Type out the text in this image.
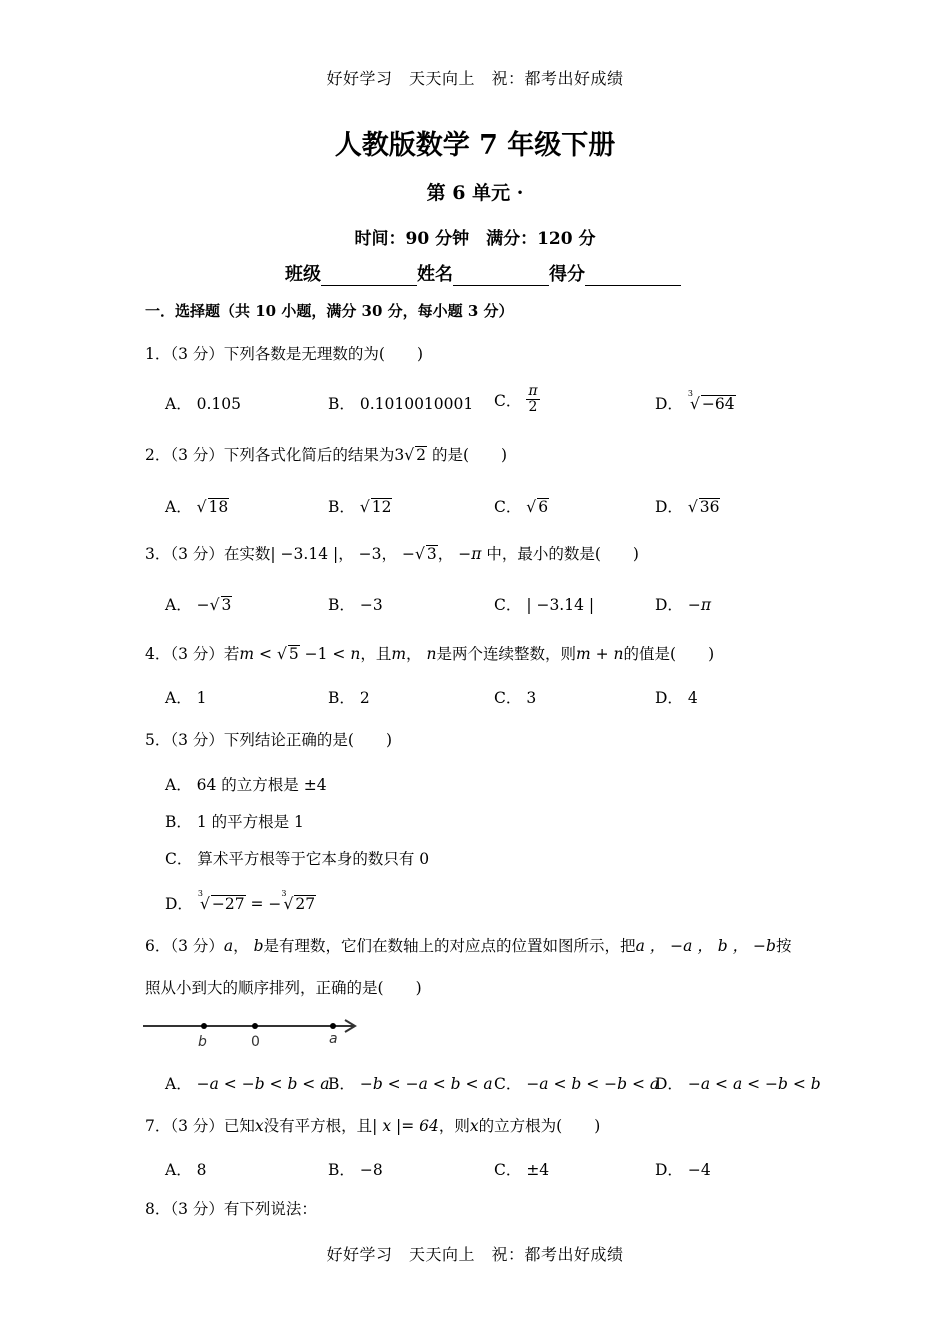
好好学习　天天向上　祝：都考出好成绩
人教版数学 7 年级下册
第 6 单元 ·
时间：90 分钟　满分：120 分
班级	姓名	得分
一．选择题（共 10 小题，满分 30 分，每小题 3 分）
1．（3 分）下列各数是无理数的为( )
A． 0.105	B． 0.1010010001 C． $\frac{\pi}{2}$	D． $^3$√ −64
2．（3 分）下列各式化简后的结果为3√ 2 的是( )
A． √ 18	B． √ 12	C． √ 6	D． √ 36
3．（3 分）在实数| −3.14 |， −3， −√ 3， −π 中，最小的数是( )
A． −√ 3	B． −3	C． | −3.14 |	D． −π
4．（3 分）若m < √ 5 −1 < n，且m， n是两个连续整数，则m + n的值是( )
A． 1	B． 2	C． 3	D． 4
5．（3 分）下列结论正确的是( )
A． 64 的立方根是 ±4
B． 1 的平方根是 1
C． 算术平方根等于它本身的数只有 0
D． $^3$√ −27 = −$^3$√ 27
6．（3 分）a， b是有理数，它们在数轴上的对应点的位置如图所示，把a ， −a ， b ， −b按
照从小到大的顺序排列，正确的是( )
b	0	a
A． −a < −b < b < a
B． −b < −a < b < a C． −a < b < −b < a
D． −a < a < −b < b
7．（3 分）已知x没有平方根，且| x |= 64，则x的立方根为( )
A． 8	B． −8	C． ±4	D． −4
8．（3 分）有下列说法：
好好学习　天天向上　祝：都考出好成绩
